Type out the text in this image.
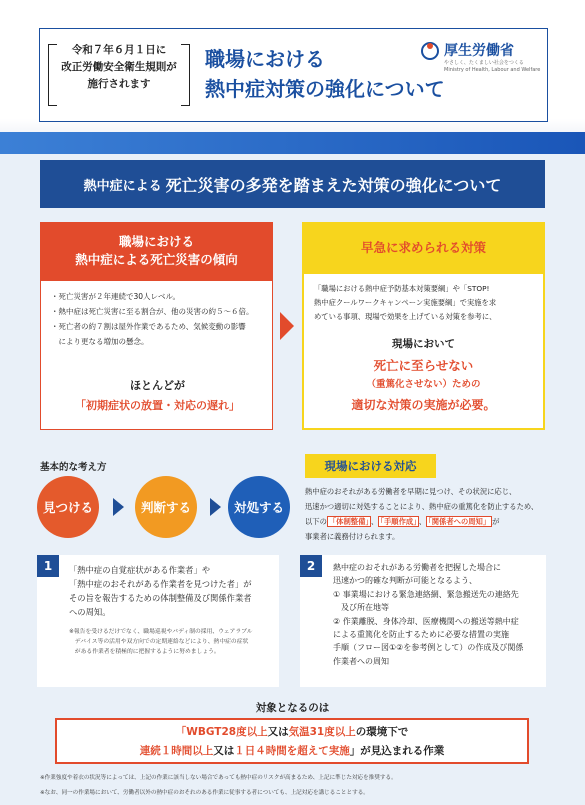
令和７年６月１日に
改正労働安全衛生規則が
施行されます
職場における
熱中症対策の強化について
厚生労働省
やさしく、たくましい社会をつくる
Ministry of Health, Labour and Welfare
熱中症による 死亡災害の多発を踏まえた対策の強化について
職場における
熱中症による死亡災害の傾向
・死亡災害が２年連続で30人レベル。
・熱中症は死亡災害に至る割合が、他の災害の約５～６倍。
・死亡者の約７割は屋外作業であるため、気候変動の影響
　により更なる増加の懸念。
ほとんどが
「初期症状の放置・対応の遅れ」
早急に求められる対策
「職場における熱中症予防基本対策要綱」や「STOP!
熱中症クールワークキャンペーン実施要綱」で実施を求
めている事項、現場で効果を上げている対策を参考に、
現場において
死亡に至らせない
（重篤化させない）ための
適切な対策の実施が必要。
基本的な考え方
見つける	判断する	対処する
現場における対応
熱中症のおそれがある労働者を早期に見つけ、その状況に応じ、
迅速かつ適切に対処することにより、熱中症の重篤化を防止するため、
以下の 「体制整備」 、 「手順作成」 、 「関係者への周知」 が
事業者に義務付けられます。
1	「熱中症の自覚症状がある作業者」や
「熱中症のおそれがある作業者を見つけた者」が
その旨を報告するための体制整備及び関係作業者
への周知。
※報告を受けるだけでなく、職場巡視やバディ制の採用、ウェアラブル
　デバイス等の活用や双方向での定期連絡などにより、熱中症の症状
　がある作業者を積極的に把握するように努めましょう。
2	熱中症のおそれがある労働者を把握した場合に
迅速かつ的確な判断が可能となるよう、
① 事業場における緊急連絡網、緊急搬送先の連絡先
　及び所在地等
② 作業離脱、身体冷却、医療機関への搬送等熱中症
による重篤化を防止するために必要な措置の実施
手順（フロー図①②を参考例として）の作成及び関係
作業者への周知
対象となるのは
「WBGT28度以上又は気温31度以上の環境下で
連続１時間以上又は１日４時間を超えて実施」が見込まれる作業
※作業強度や着衣の状況等によっては、上記の作業に該当しない場合であっても熱中症のリスクが高まるため、上記に準じた対応を推奨する。
※なお、同一の作業場において、労働者以外の熱中症のおそれのある作業に従事する者についても、上記対応を講じることとする。
